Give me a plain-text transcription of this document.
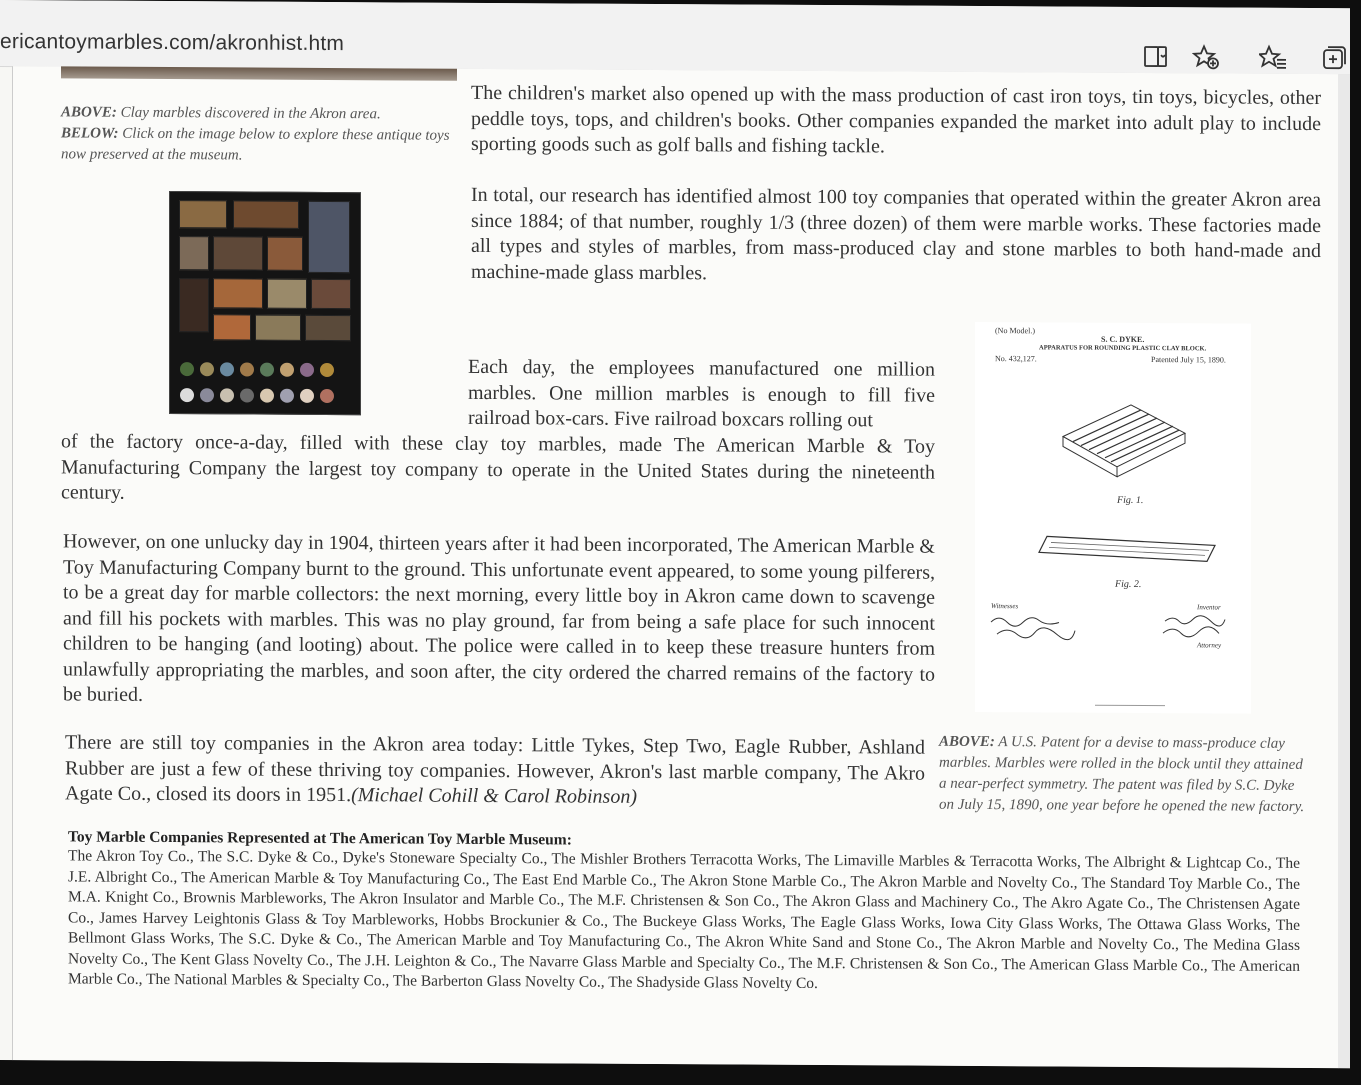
ericantoymarbles.com/akronhist.htm
ABOVE: Clay marbles discovered in the Akron area.
BELOW: Click on the image below to explore these antique toys now preserved at the museum.

The children's market also opened up with the mass production of cast iron toys, tin toys, bicycles, other peddle toys, tops, and children's books. Other companies expanded the market into adult play to include sporting goods such as golf balls and fishing tackle.

In total, our research has identified almost 100 toy companies that operated within the greater Akron area since 1884; of that number, roughly 1/3 (three dozen) of them were marble works. These factories made all types and styles of marbles, from mass-produced clay and stone marbles to both hand-made and machine-made glass marbles.

Each day, the employees manufactured one million marbles. One million marbles is enough to fill five railroad box-cars. Five railroad boxcars rolling out

of the factory once-a-day, filled with these clay toy marbles, made The American Marble & Toy Manufacturing Company the largest toy company to operate in the United States during the nineteenth century.

However, on one unlucky day in 1904, thirteen years after it had been incorporated, The American Marble & Toy Manufacturing Company burnt to the ground. This unfortunate event appeared, to some young pilferers, to be a great day for marble collectors: the next morning, every little boy in Akron came down to scavenge and fill his pockets with marbles. This was no play ground, far from being a safe place for such innocent children to be hanging (and looting) about. The police were called in to keep these treasure hunters from unlawfully appropriating the marbles, and soon after, the city ordered the charred remains of the factory to be buried.

There are still toy companies in the Akron area today: Little Tykes, Step Two, Eagle Rubber, Ashland Rubber are just a few of these thriving toy companies. However, Akron's last marble company, The Akro Agate Co., closed its doors in 1951.(Michael Cohill & Carol Robinson)

(No Model.)
S. C. DYKE.
APPARATUS FOR ROUNDING PLASTIC CLAY BLOCK.
No. 432,127.	Patented July 15, 1890.
Fig. 1.
Fig. 2.
Witnesses	Inventor
Attorney
ABOVE: A U.S. Patent for a devise to mass-produce clay marbles. Marbles were rolled in the block until they attained a near-perfect symmetry. The patent was filed by S.C. Dyke on July 15, 1890, one year before he opened the new factory.
Toy Marble Companies Represented at The American Toy Marble Museum:

The Akron Toy Co., The S.C. Dyke & Co., Dyke's Stoneware Specialty Co., The Mishler Brothers Terracotta Works, The Limaville Marbles & Terracotta Works, The Albright & Lightcap Co., The J.E. Albright Co., The American Marble & Toy Manufacturing Co., The East End Marble Co., The Akron Stone Marble Co., The Akron Marble and Novelty Co., The Standard Toy Marble Co., The M.A. Knight Co., Brownis Marbleworks, The Akron Insulator and Marble Co., The M.F. Christensen & Son Co., The Akron Glass and Machinery Co., The Akro Agate Co., The Christensen Agate Co., James Harvey Leightonis Glass & Toy Marbleworks, Hobbs Brockunier & Co., The Buckeye Glass Works, The Eagle Glass Works, Iowa City Glass Works, The Ottawa Glass Works, The Bellmont Glass Works, The S.C. Dyke & Co., The American Marble and Toy Manufacturing Co., The Akron White Sand and Stone Co., The Akron Marble and Novelty Co., The Medina Glass Novelty Co., The Kent Glass Novelty Co., The J.H. Leighton & Co., The Navarre Glass Marble and Specialty Co., The M.F. Christensen & Son Co., The American Glass Marble Co., The American Marble Co., The National Marbles & Specialty Co., The Barberton Glass Novelty Co., The Shadyside Glass Novelty Co.
